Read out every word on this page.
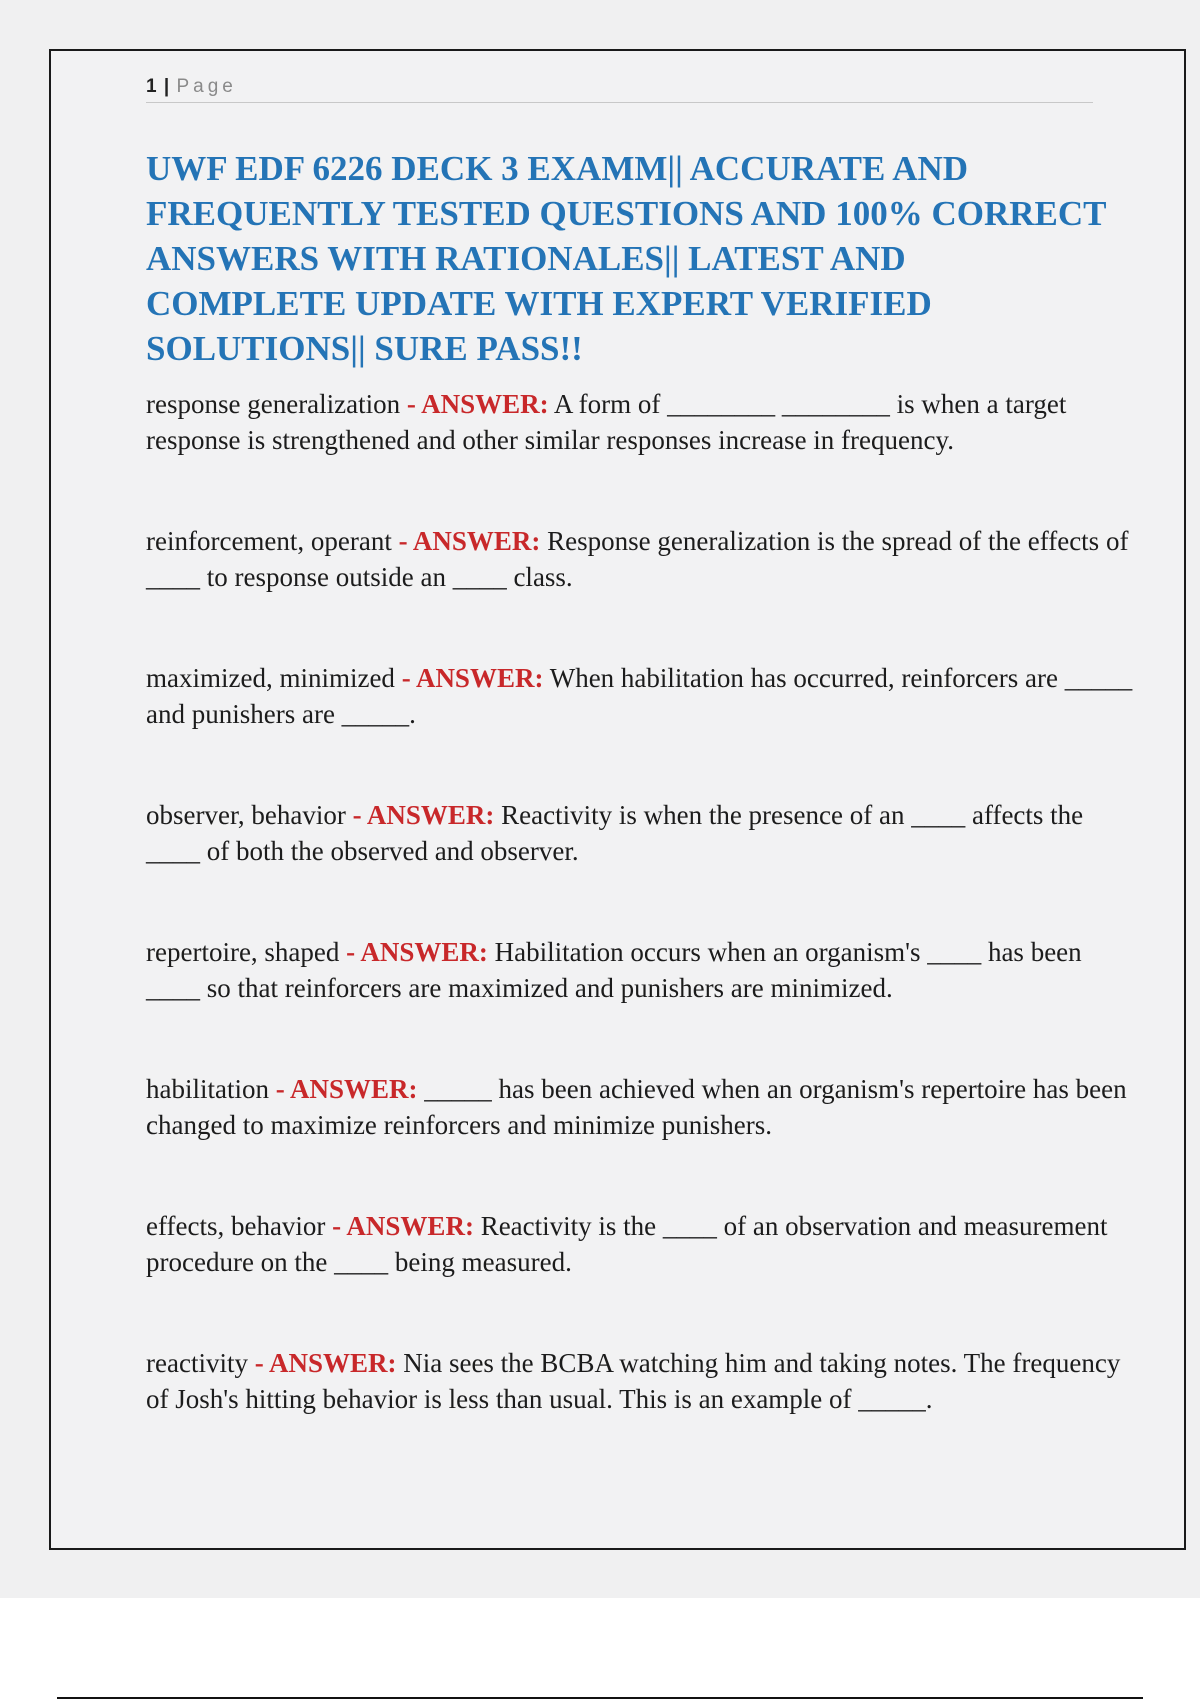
1 | Page
UWF EDF 6226 DECK 3 EXAMM|| ACCURATE AND FREQUENTLY TESTED QUESTIONS AND 100% CORRECT ANSWERS WITH RATIONALES|| LATEST AND COMPLETE UPDATE WITH EXPERT VERIFIED SOLUTIONS|| SURE PASS!!
response generalization - ANSWER: A form of ________ ________ is when a target response is strengthened and other similar responses increase in frequency.
reinforcement, operant - ANSWER: Response generalization is the spread of the effects of ____ to response outside an ____ class.
maximized, minimized - ANSWER: When habilitation has occurred, reinforcers are _____ and punishers are _____.
observer, behavior - ANSWER: Reactivity is when the presence of an ____ affects the ____ of both the observed and observer.
repertoire, shaped - ANSWER: Habilitation occurs when an organism's ____ has been ____ so that reinforcers are maximized and punishers are minimized.
habilitation - ANSWER: _____ has been achieved when an organism's repertoire has been changed to maximize reinforcers and minimize punishers.
effects, behavior - ANSWER: Reactivity is the ____ of an observation and measurement procedure on the ____ being measured.
reactivity - ANSWER: Nia sees the BCBA watching him and taking notes. The frequency of Josh's hitting behavior is less than usual. This is an example of _____.
